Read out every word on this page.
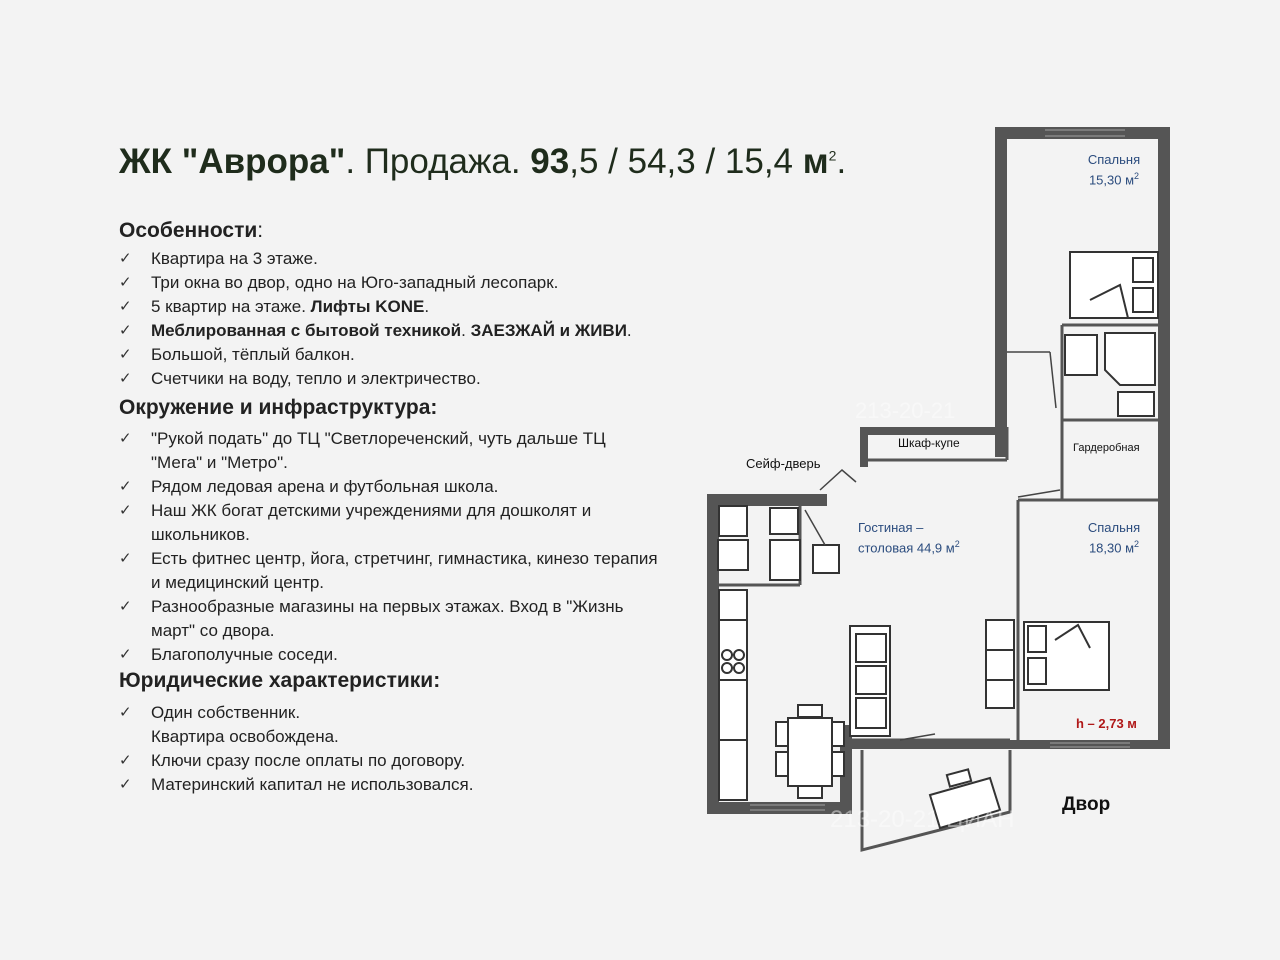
ЖК "Аврора". Продажа. 93,5 / 54,3 / 15,4 $м^2$.
Особенности:
✓	Квартира на 3 этаже.
✓	Три окна во двор, одно на Юго-западный лесопарк.
✓	5 квартир на этаже. Лифты KONE.
✓	Меблированная с бытовой техникой. ЗАЕЗЖАЙ и ЖИВИ.
✓	Большой, тёплый балкон.
✓	Счетчики на воду, тепло и электричество.
Окружение и инфраструктура:
✓	"Рукой подать" до ТЦ "Светлореченский, чуть дальше ТЦ "Мега" и "Метро".
✓	Рядом ледовая арена и футбольная школа.
✓	Наш ЖК богат детскими учреждениями для дошколят и школьников.
✓	Есть фитнес центр, йога, стретчинг, гимнастика, кинезо терапия и медицинский центр.
✓	Разнообразные магазины на первых этажах. Вход в "Жизнь март" со двора.
✓	Благополучные соседи.
Юридические характеристики:
✓	Один собственник.
Квартира освобождена.
✓	Ключи сразу после оплаты по договору.
✓	Материнский капитал не использовался.
Спальня
15,30 $м^2$
Спальня
18,30 $м^2$
Гостиная –
столовая 44,9 $м^2$
Шкаф-купе	Гардеробная
Сейф-дверь
h – 2,73 м
Двор
213-20-21
213-20-21 ЦИАН
